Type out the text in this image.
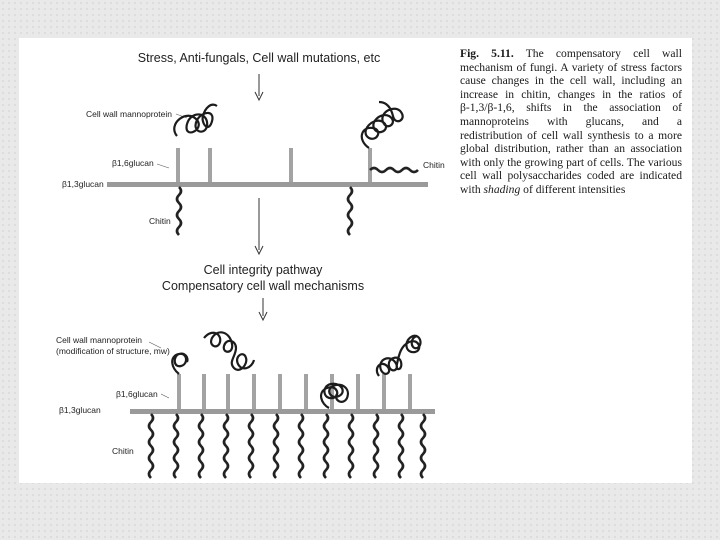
Stress, Anti-fungals, Cell wall mutations, etc
Cell wall mannoprotein
β1,6glucan
β1,3glucan
Chitin
Chitin
Cell integrity pathway
Compensatory cell wall mechanisms
Cell wall mannoprotein
(modification of structure, mw)
β1,6glucan
β1,3glucan
Chitin
Fig. 5.11. The compensatory cell wall mechanism of fungi. A variety of stress factors cause changes in the cell wall, including an increase in chitin, changes in the ratios of β-1,3/β-1,6, shifts in the association of mannoproteins with glucans, and a redistribution of cell wall synthesis to a more global distribution, rather than an association with only the growing part of cells. The various cell wall polysaccharides coded are indicated with shading of different intensities
